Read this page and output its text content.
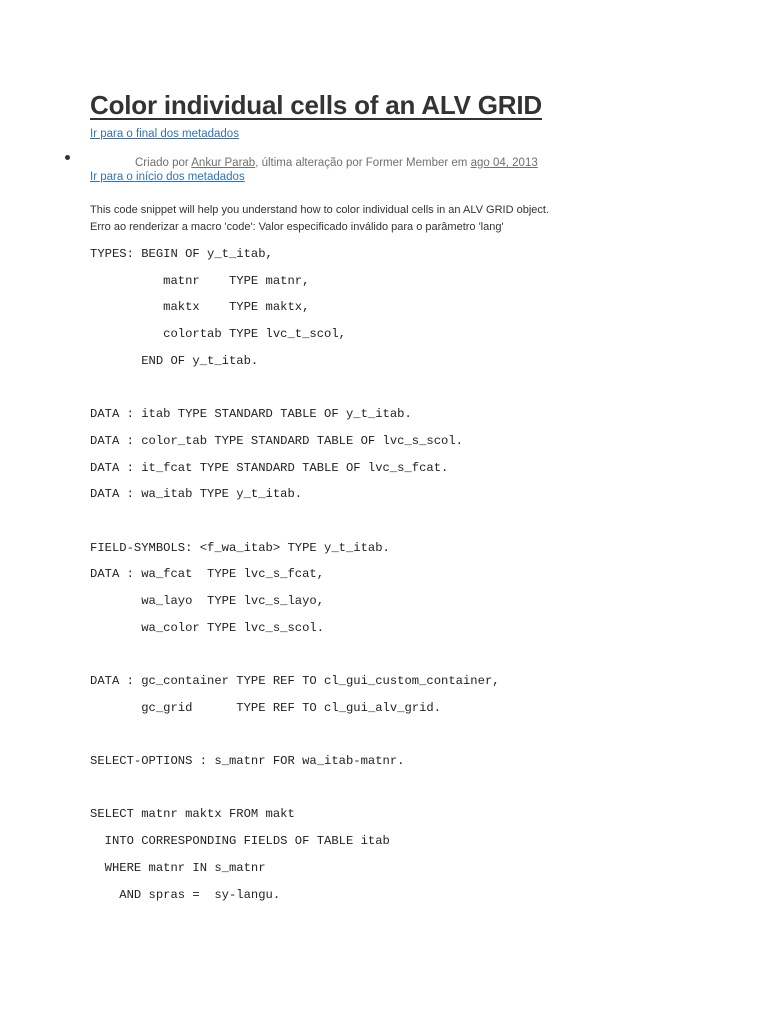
Color individual cells of an ALV GRID
Ir para o final dos metadados
Criado por Ankur Parab, última alteração por Former Member em ago 04, 2013
Ir para o início dos metadados
This code snippet will help you understand how to color individual cells in an ALV GRID object.
Erro ao renderizar a macro 'code': Valor especificado inválido para o parâmetro 'lang'
TYPES: BEGIN OF y_t_itab,
matnr    TYPE matnr,
maktx    TYPE maktx,
colortab TYPE lvc_t_scol,
END OF y_t_itab.
DATA : itab TYPE STANDARD TABLE OF y_t_itab.
DATA : color_tab TYPE STANDARD TABLE OF lvc_s_scol.
DATA : it_fcat TYPE STANDARD TABLE OF lvc_s_fcat.
DATA : wa_itab TYPE y_t_itab.
FIELD-SYMBOLS: <f_wa_itab> TYPE y_t_itab.
DATA : wa_fcat  TYPE lvc_s_fcat,
wa_layo  TYPE lvc_s_layo,
wa_color TYPE lvc_s_scol.
DATA : gc_container TYPE REF TO cl_gui_custom_container,
gc_grid      TYPE REF TO cl_gui_alv_grid.
SELECT-OPTIONS : s_matnr FOR wa_itab-matnr.
SELECT matnr maktx FROM makt
INTO CORRESPONDING FIELDS OF TABLE itab
WHERE matnr IN s_matnr
AND spras =  sy-langu.
